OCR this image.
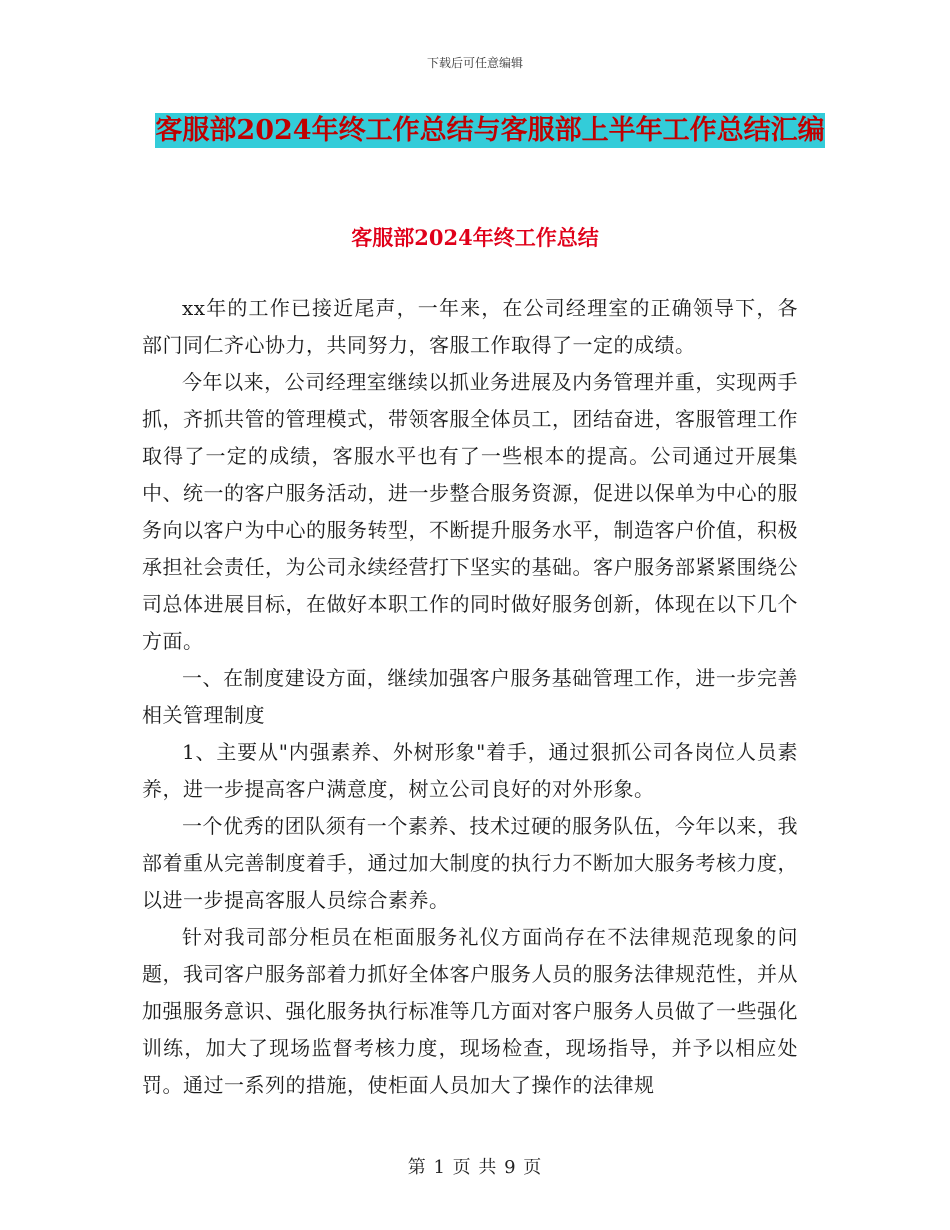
下载后可任意编辑
客服部2024年终工作总结与客服部上半年工作总结汇编
客服部2024年终工作总结

xx年的工作已接近尾声，一年来，在公司经理室的正确领导下，各部门同仁齐心协力，共同努力，客服工作取得了一定的成绩。

今年以来，公司经理室继续以抓业务进展及内务管理并重，实现两手抓，齐抓共管的管理模式，带领客服全体员工，团结奋进，客服管理工作取得了一定的成绩，客服水平也有了一些根本的提高。公司通过开展集中、统一的客户服务活动，进一步整合服务资源，促进以保单为中心的服务向以客户为中心的服务转型，不断提升服务水平，制造客户价值，积极承担社会责任，为公司永续经营打下坚实的基础。客户服务部紧紧围绕公司总体进展目标，在做好本职工作的同时做好服务创新，体现在以下几个方面。

一、在制度建设方面，继续加强客户服务基础管理工作，进一步完善相关管理制度

1、主要从"内强素养、外树形象"着手，通过狠抓公司各岗位人员素养，进一步提高客户满意度，树立公司良好的对外形象。

一个优秀的团队须有一个素养、技术过硬的服务队伍，今年以来，我部着重从完善制度着手，通过加大制度的执行力不断加大服务考核力度，以进一步提高客服人员综合素养。

针对我司部分柜员在柜面服务礼仪方面尚存在不法律规范现象的问题，我司客户服务部着力抓好全体客户服务人员的服务法律规范性，并从加强服务意识、强化服务执行标准等几方面对客户服务人员做了一些强化训练，加大了现场监督考核力度，现场检查，现场指导，并予以相应处罚。通过一系列的措施，使柜面人员加大了操作的法律规

第 1 页 共 9 页
